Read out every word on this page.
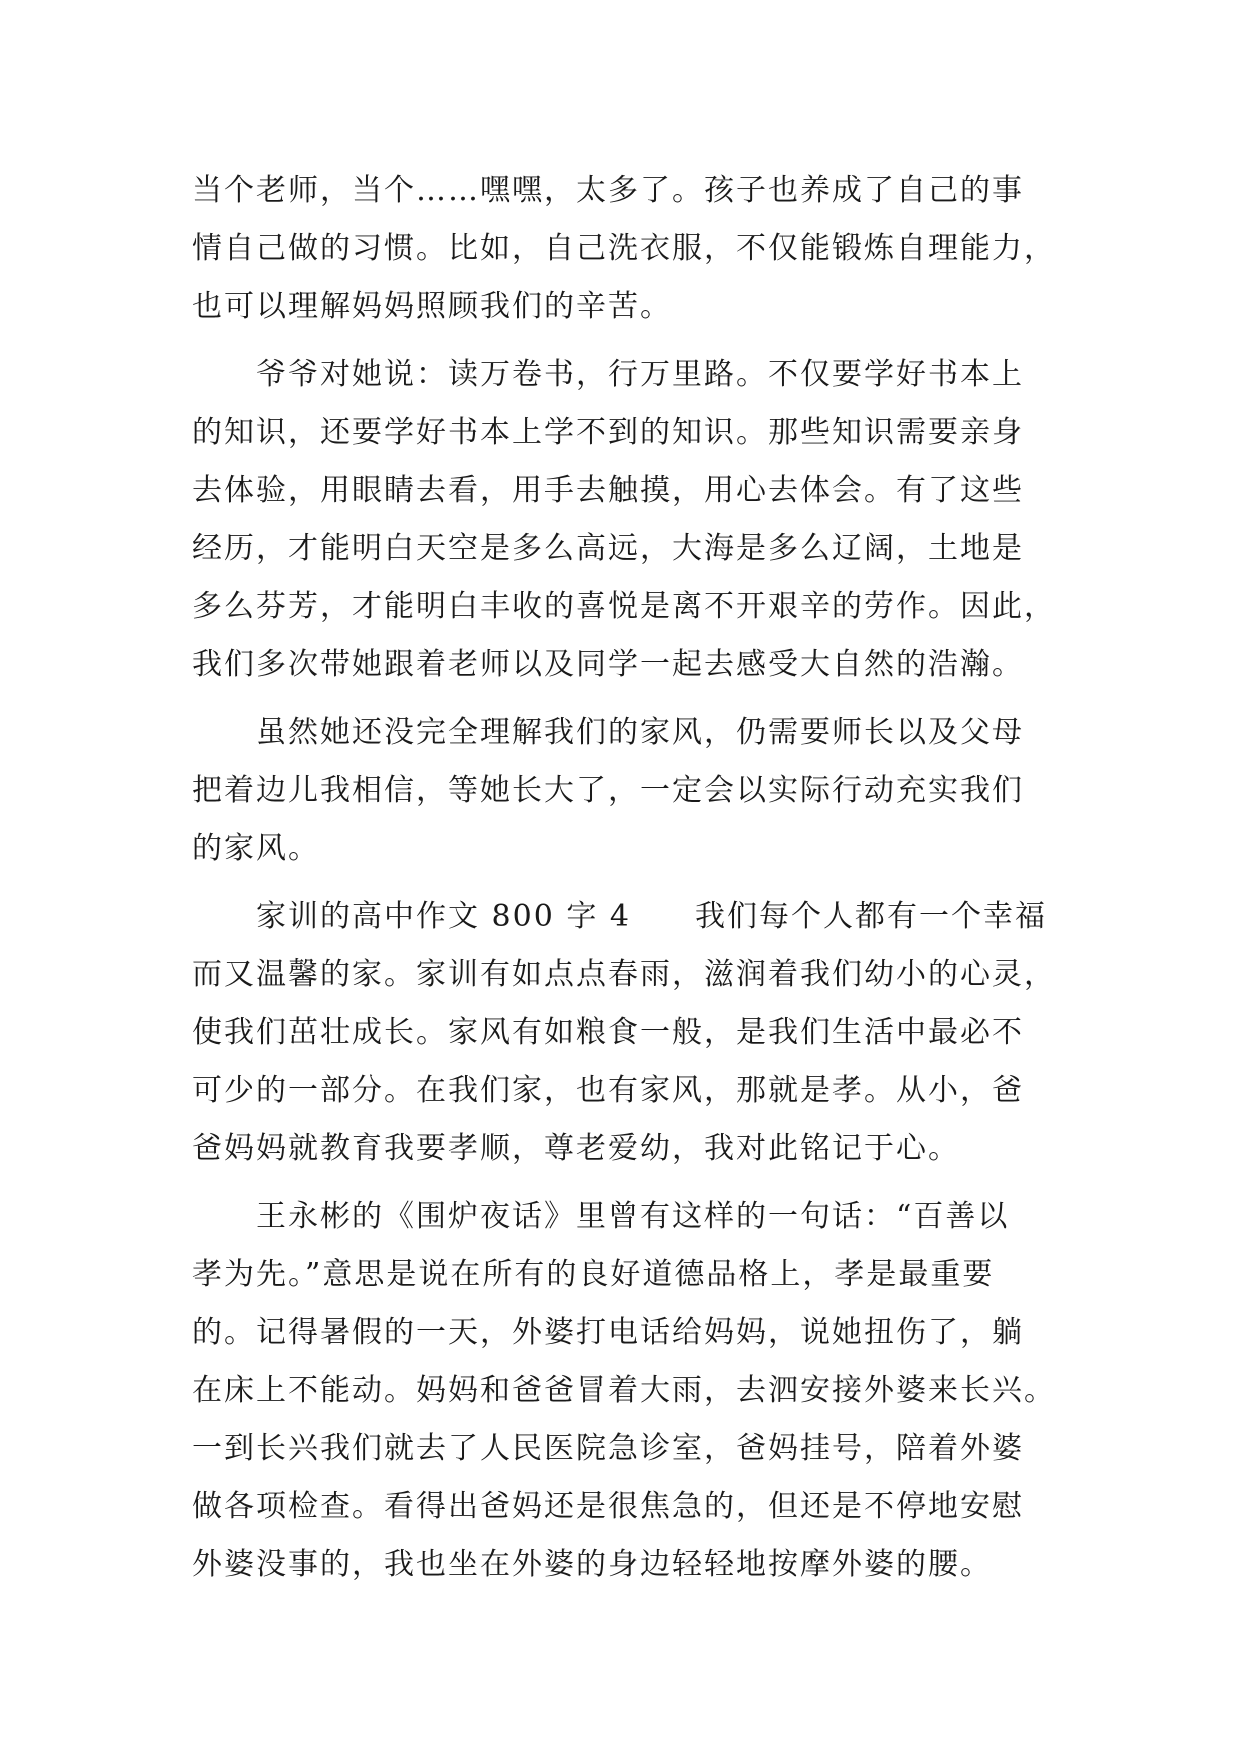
当个老师，当个……嘿嘿，太多了。孩子也养成了自己的事
情自己做的习惯。比如，自己洗衣服，不仅能锻炼自理能力，
也可以理解妈妈照顾我们的辛苦。
　　爷爷对她说：读万卷书，行万里路。不仅要学好书本上
的知识，还要学好书本上学不到的知识。那些知识需要亲身
去体验，用眼睛去看，用手去触摸，用心去体会。有了这些
经历，才能明白天空是多么高远，大海是多么辽阔，土地是
多么芬芳，才能明白丰收的喜悦是离不开艰辛的劳作。因此，
我们多次带她跟着老师以及同学一起去感受大自然的浩瀚。
　　虽然她还没完全理解我们的家风，仍需要师长以及父母
把着边儿我相信，等她长大了，一定会以实际行动充实我们
的家风。
　　家训的高中作文 800 字 4　　我们每个人都有一个幸福
而又温馨的家。家训有如点点春雨，滋润着我们幼小的心灵，
使我们茁壮成长。家风有如粮食一般，是我们生活中最必不
可少的一部分。在我们家，也有家风，那就是孝。从小，爸
爸妈妈就教育我要孝顺，尊老爱幼，我对此铭记于心。
　　王永彬的《围炉夜话》里曾有这样的一句话：“百善以
孝为先。”意思是说在所有的良好道德品格上，孝是最重要
的。记得暑假的一天，外婆打电话给妈妈，说她扭伤了，躺
在床上不能动。妈妈和爸爸冒着大雨，去泗安接外婆来长兴。
一到长兴我们就去了人民医院急诊室，爸妈挂号，陪着外婆
做各项检查。看得出爸妈还是很焦急的，但还是不停地安慰
外婆没事的，我也坐在外婆的身边轻轻地按摩外婆的腰。
